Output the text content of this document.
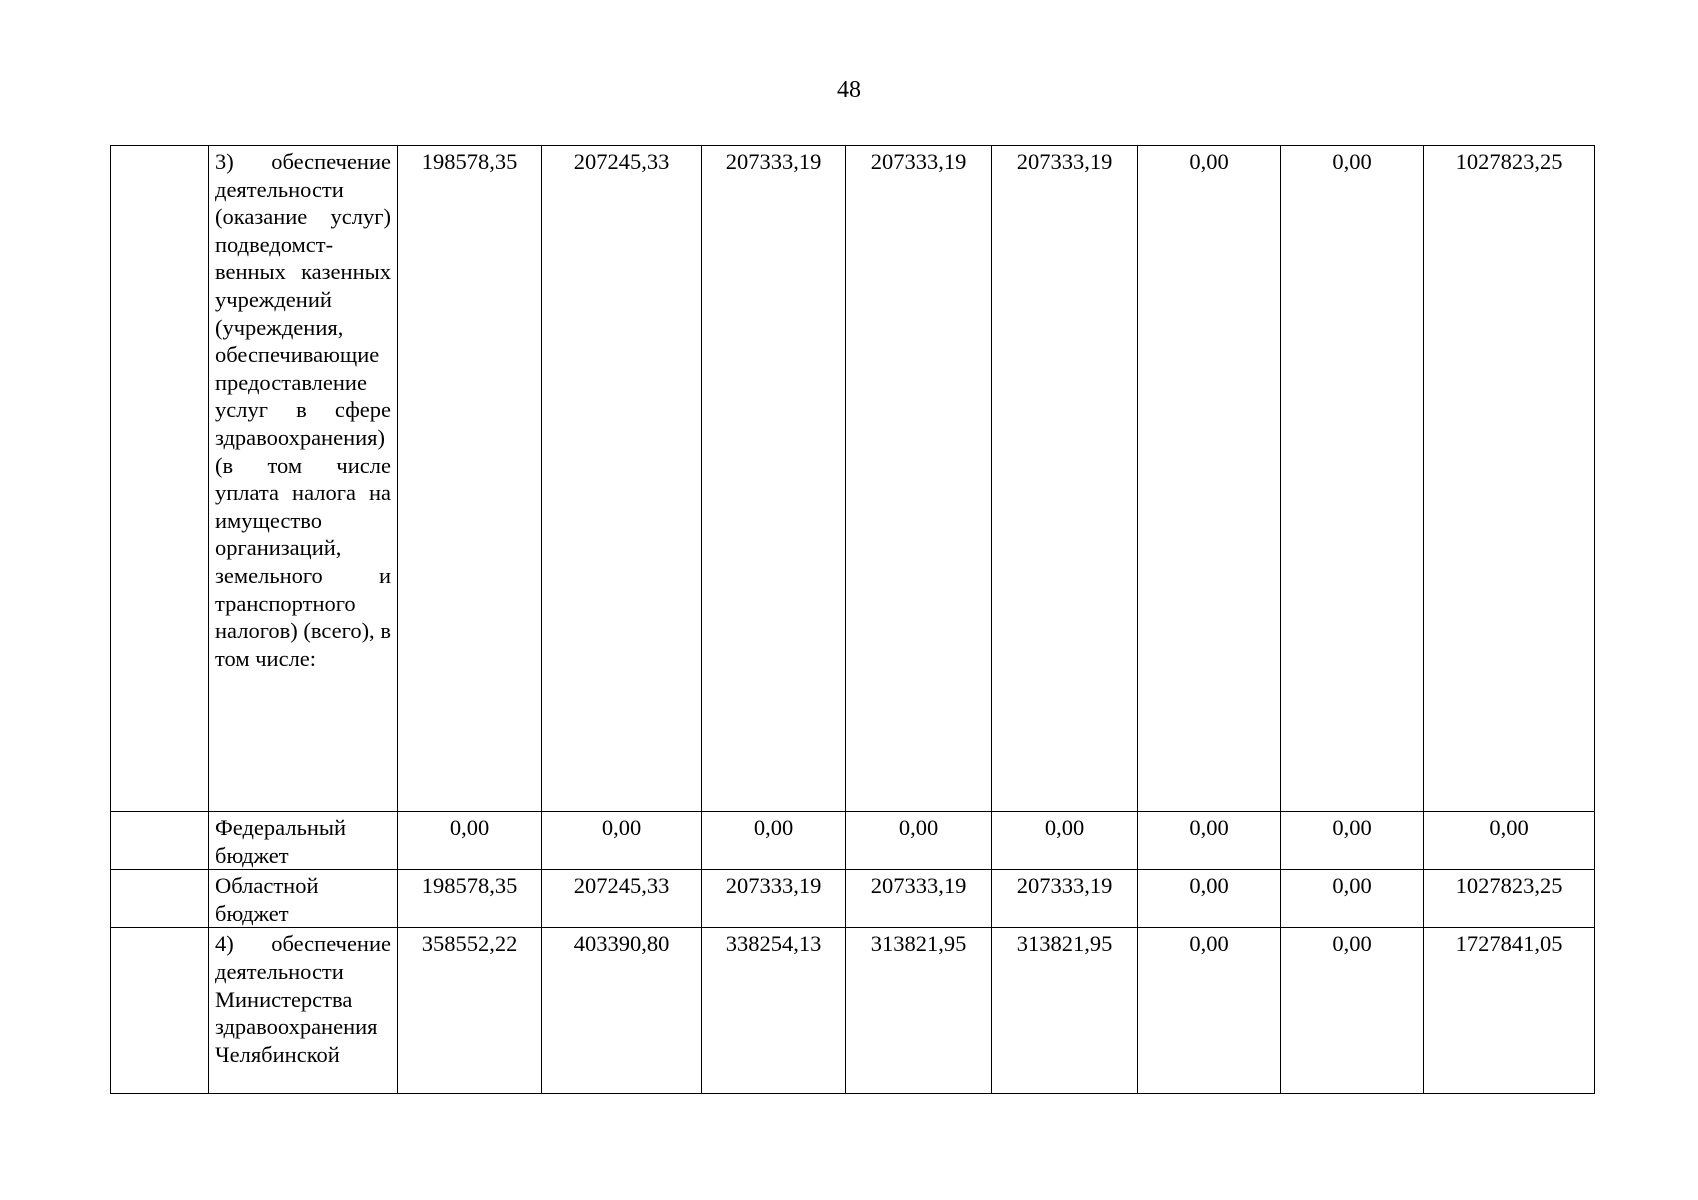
48
	3) обеспечение деятельности (оказание услуг) подведомственных казенных учреждений (учреждения, обеспечивающие предоставление услуг в сфере здравоохранения) (в том числе уплата налога на имущество организаций, земельного и транспортного налогов) (всего), в том числе:	198578,35	207245,33	207333,19	207333,19	207333,19	0,00	0,00	1027823,25
	Федеральный бюджет	0,00	0,00	0,00	0,00	0,00	0,00	0,00	0,00
	Областной бюджет	198578,35	207245,33	207333,19	207333,19	207333,19	0,00	0,00	1027823,25
	4) обеспечение деятельности Министерства здравоохранения Челябинской	358552,22	403390,80	338254,13	313821,95	313821,95	0,00	0,00	1727841,05
